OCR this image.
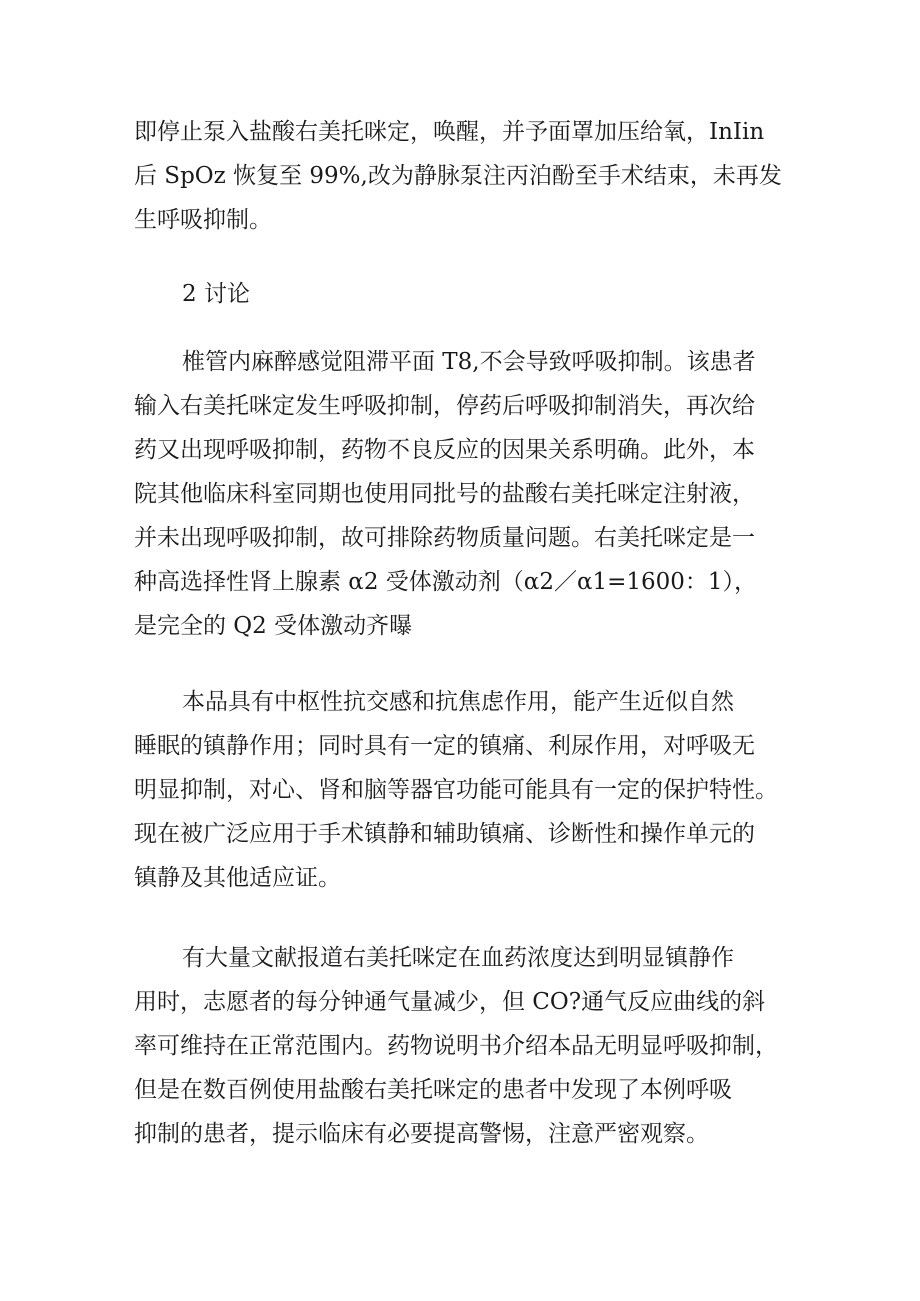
即停止泵入盐酸右美托咪定，唤醒，并予面罩加压给氧，InIin
后 SpOz 恢复至 99%,改为静脉泵注丙泊酚至手术结束，未再发
生呼吸抑制。
2 讨论
椎管内麻醉感觉阻滞平面 T8,不会导致呼吸抑制。该患者
输入右美托咪定发生呼吸抑制，停药后呼吸抑制消失，再次给
药又出现呼吸抑制，药物不良反应的因果关系明确。此外，本
院其他临床科室同期也使用同批号的盐酸右美托咪定注射液，
并未出现呼吸抑制，故可排除药物质量问题。右美托咪定是一
种高选择性肾上腺素 α2 受体激动剂（α2／α1=1600：1），
是完全的 Q2 受体激动齐曝
本品具有中枢性抗交感和抗焦虑作用，能产生近似自然
睡眠的镇静作用；同时具有一定的镇痛、利尿作用，对呼吸无
明显抑制，对心、肾和脑等器官功能可能具有一定的保护特性。
现在被广泛应用于手术镇静和辅助镇痛、诊断性和操作单元的
镇静及其他适应证。
有大量文献报道右美托咪定在血药浓度达到明显镇静作
用时，志愿者的每分钟通气量减少，但 CO?通气反应曲线的斜
率可维持在正常范围内。药物说明书介绍本品无明显呼吸抑制，
但是在数百例使用盐酸右美托咪定的患者中发现了本例呼吸
抑制的患者，提示临床有必要提高警惕，注意严密观察。
